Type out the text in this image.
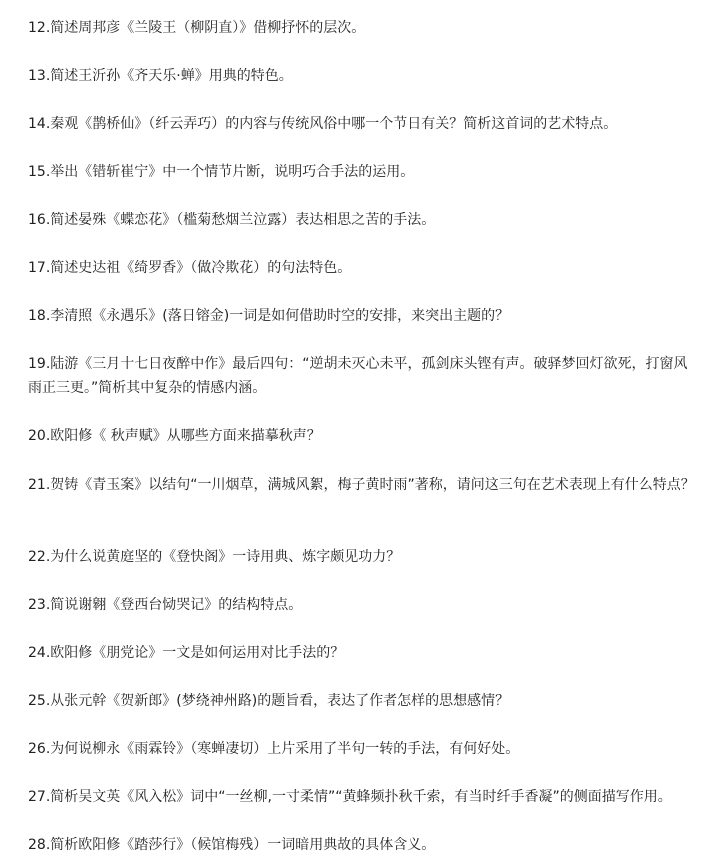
12.简述周邦彦《兰陵王（柳阴直）》借柳抒怀的层次。
13.简述王沂孙《齐天乐·蝉》用典的特色。
14.秦观《鹊桥仙》（纤云弄巧）的内容与传统风俗中哪一个节日有关？简析这首词的艺术特点。
15.举出《错斩崔宁》中一个情节片断，说明巧合手法的运用。
16.简述晏殊《蝶恋花》（槛菊愁烟兰泣露）表达相思之苦的手法。
17.简述史达祖《绮罗香》（做冷欺花）的句法特色。
18.李清照《永遇乐》(落日镕金)一词是如何借助时空的安排，来突出主题的？
19.陆游《三月十七日夜醉中作》最后四句：“逆胡未灭心未平，孤剑床头铿有声。破驿梦回灯欲死，打窗风雨正三更。”简析其中复杂的情感内涵。
20.欧阳修《 秋声赋》从哪些方面来描摹秋声？
21.贺铸《青玉案》以结句“一川烟草，满城风絮，梅子黄时雨”著称，请问这三句在艺术表现上有什么特点？
22.为什么说黄庭坚的《登快阁》一诗用典、炼字颇见功力？
23.简说谢翱《登西台恸哭记》的结构特点。
24.欧阳修《朋党论》一文是如何运用对比手法的？
25.从张元幹《贺新郎》(梦绕神州路)的题旨看，表达了作者怎样的思想感情？
26.为何说柳永《雨霖铃》（寒蝉凄切）上片采用了半句一转的手法，有何好处。
27.简析吴文英《风入松》词中“一丝柳,一寸柔情”“黄蜂频扑秋千索，有当时纤手香凝”的侧面描写作用。
28.简析欧阳修《踏莎行》（候馆梅残）一词暗用典故的具体含义。
